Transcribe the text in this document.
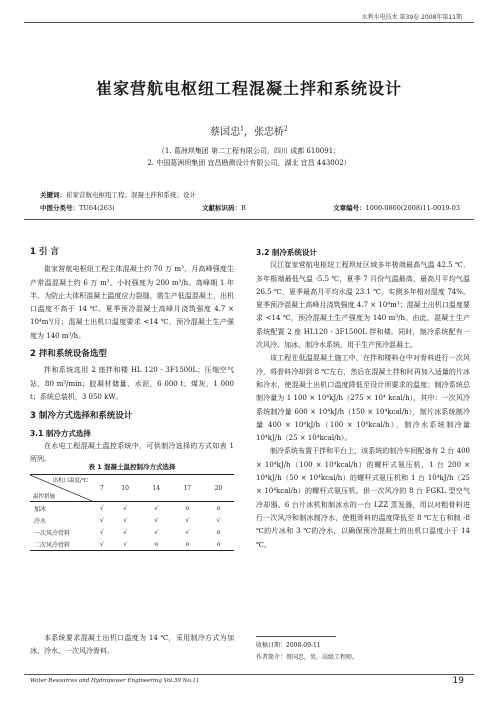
水利水电技术 第39卷 2008年第11期
崔家营航电枢纽工程混凝土拌和系统设计
蔡国忠$^1$，张忠桥$^2$
（1. 葛洲坝集团 第二工程有限公司，四川 成都 610091；
2. 中国葛洲坝集团 宜昌勘测设计有限公司，湖北 宜昌 443002）
关键词：崔家营航电枢纽工程；混凝土拌和系统；设计
中图分类号：TU64(263)	文献标识码：B	文章编号：1000-0860(2008)11-0019-03
1 引 言
崔家营航电枢纽工程主体混凝土约 70 万 m³，月高峰强度生产常温混凝土约 6 万 m³。小时强度为 200 m³/h。高峰期 1 年半。为防止大体积混凝土温度应力裂缝，需生产低温混凝土，出机口温度不高于 14 ℃。夏季预冷混凝土高峰月浇筑强度 4.7 × 10⁴m³/月；混凝土出机口温度要求 <14 ℃，预冷混凝土生产强度为 140 m³/h。
2 拌和系统设备选型
拌和系统选用 2 座拌和楼 HL 120 - 3F1500L；压缩空气站，80 m³/min；胶凝材储量，水泥，6 000 t；煤灰，1 000 t；系统总装机，3 050 kW。
3 制冷方式选择和系统设计
3.1 制冷方式选择
在水电工程混凝土温控系统中，可供制冷选择的方式如表 1 所列。
表 1 混凝土温控制冷方式选择
出机口温度/℃
温控措施	7	10	14	17	20
加冰	√	√	√	o	o
冷水	√	√	√	√	√
一次风冷骨料	√	√	√	√	o
二次风冷骨料	√	√	o	o	o
本系统要求混凝土出机口温度为 14 ℃，采用制冷方式为加冰、冷水、一次风冷骨料。
3.2 制冷系统设计
汉江崔家营航电枢纽工程坝址区域多年极端最高气温 42.5 ℃，多年极端最低气温 -5.5 ℃，夏季 7 月份气温最高，最高月平均气温 26.5 ℃，夏季最高月平均水温 23.1 ℃，实测多年相对湿度 74%。夏季预冷混凝土高峰月浇筑强度 4.7 × 10⁴m³；混凝土出机口温度要求 <14 ℃，预冷混凝土生产强度为 140 m³/h。由此，混凝土生产系统配置 2 座 HL120 - 3F1500L 拌和楼。同时，制冷系统配有一次风冷、加冰、制冷水系统，用于生产预冷混凝土。
该工程在低温混凝土施工中，在拌和楼料仓中对骨料进行一次风冷，将骨料冷却到 8 ℃左右，然后在混凝土拌和时再加入适量的片冰和冷水，使混凝土出机口温度降低至设计所要求的温度；制冷系统总制冷量为 1 100 × 10⁴kJ/h（275 × 10⁴ kcal/h），其中：一次风冷系统制冷量 600 × 10⁴kJ/h（150 × 10⁴kcal/h），制片冰系统制冷量 400 × 10⁴kJ/h（100 × 10⁴kcal/h），制冷水系统制冷量 10⁴kJ/h（25 × 10⁴kcal/h）。
制冷系统布置于拌和平台上，该系统的制冷车间配备有 2 台 400 × 10⁴kJ/h（100 × 10⁴kcal/h）的螺杆式氨压机，1 台 200 × 10⁴kJ/h（50 × 10⁴kcal/h）的螺杆式氨压机和 1 台 10⁴kJ/h（25 × 10⁴kcal/h）的螺杆式氨压机。供一次风冷的 8 台 FGKL 型空气冷却器、6 台片冰机和制冰水的一台 LZZ 蒸发器，用以对粗骨料进行一次风冷和制冰制冷水，使粗骨料的温度降低至 8 ℃左右和制 -8 ℃的片冰和 3 ℃的冷水，以确保预冷混凝土的出机口温度小于 14 ℃。
收稿日期：2008-09-11
作者简介：蔡国忠，男，高级工程师。
Water Resources and Hydropower Engineering Vol.39 No.11	19
